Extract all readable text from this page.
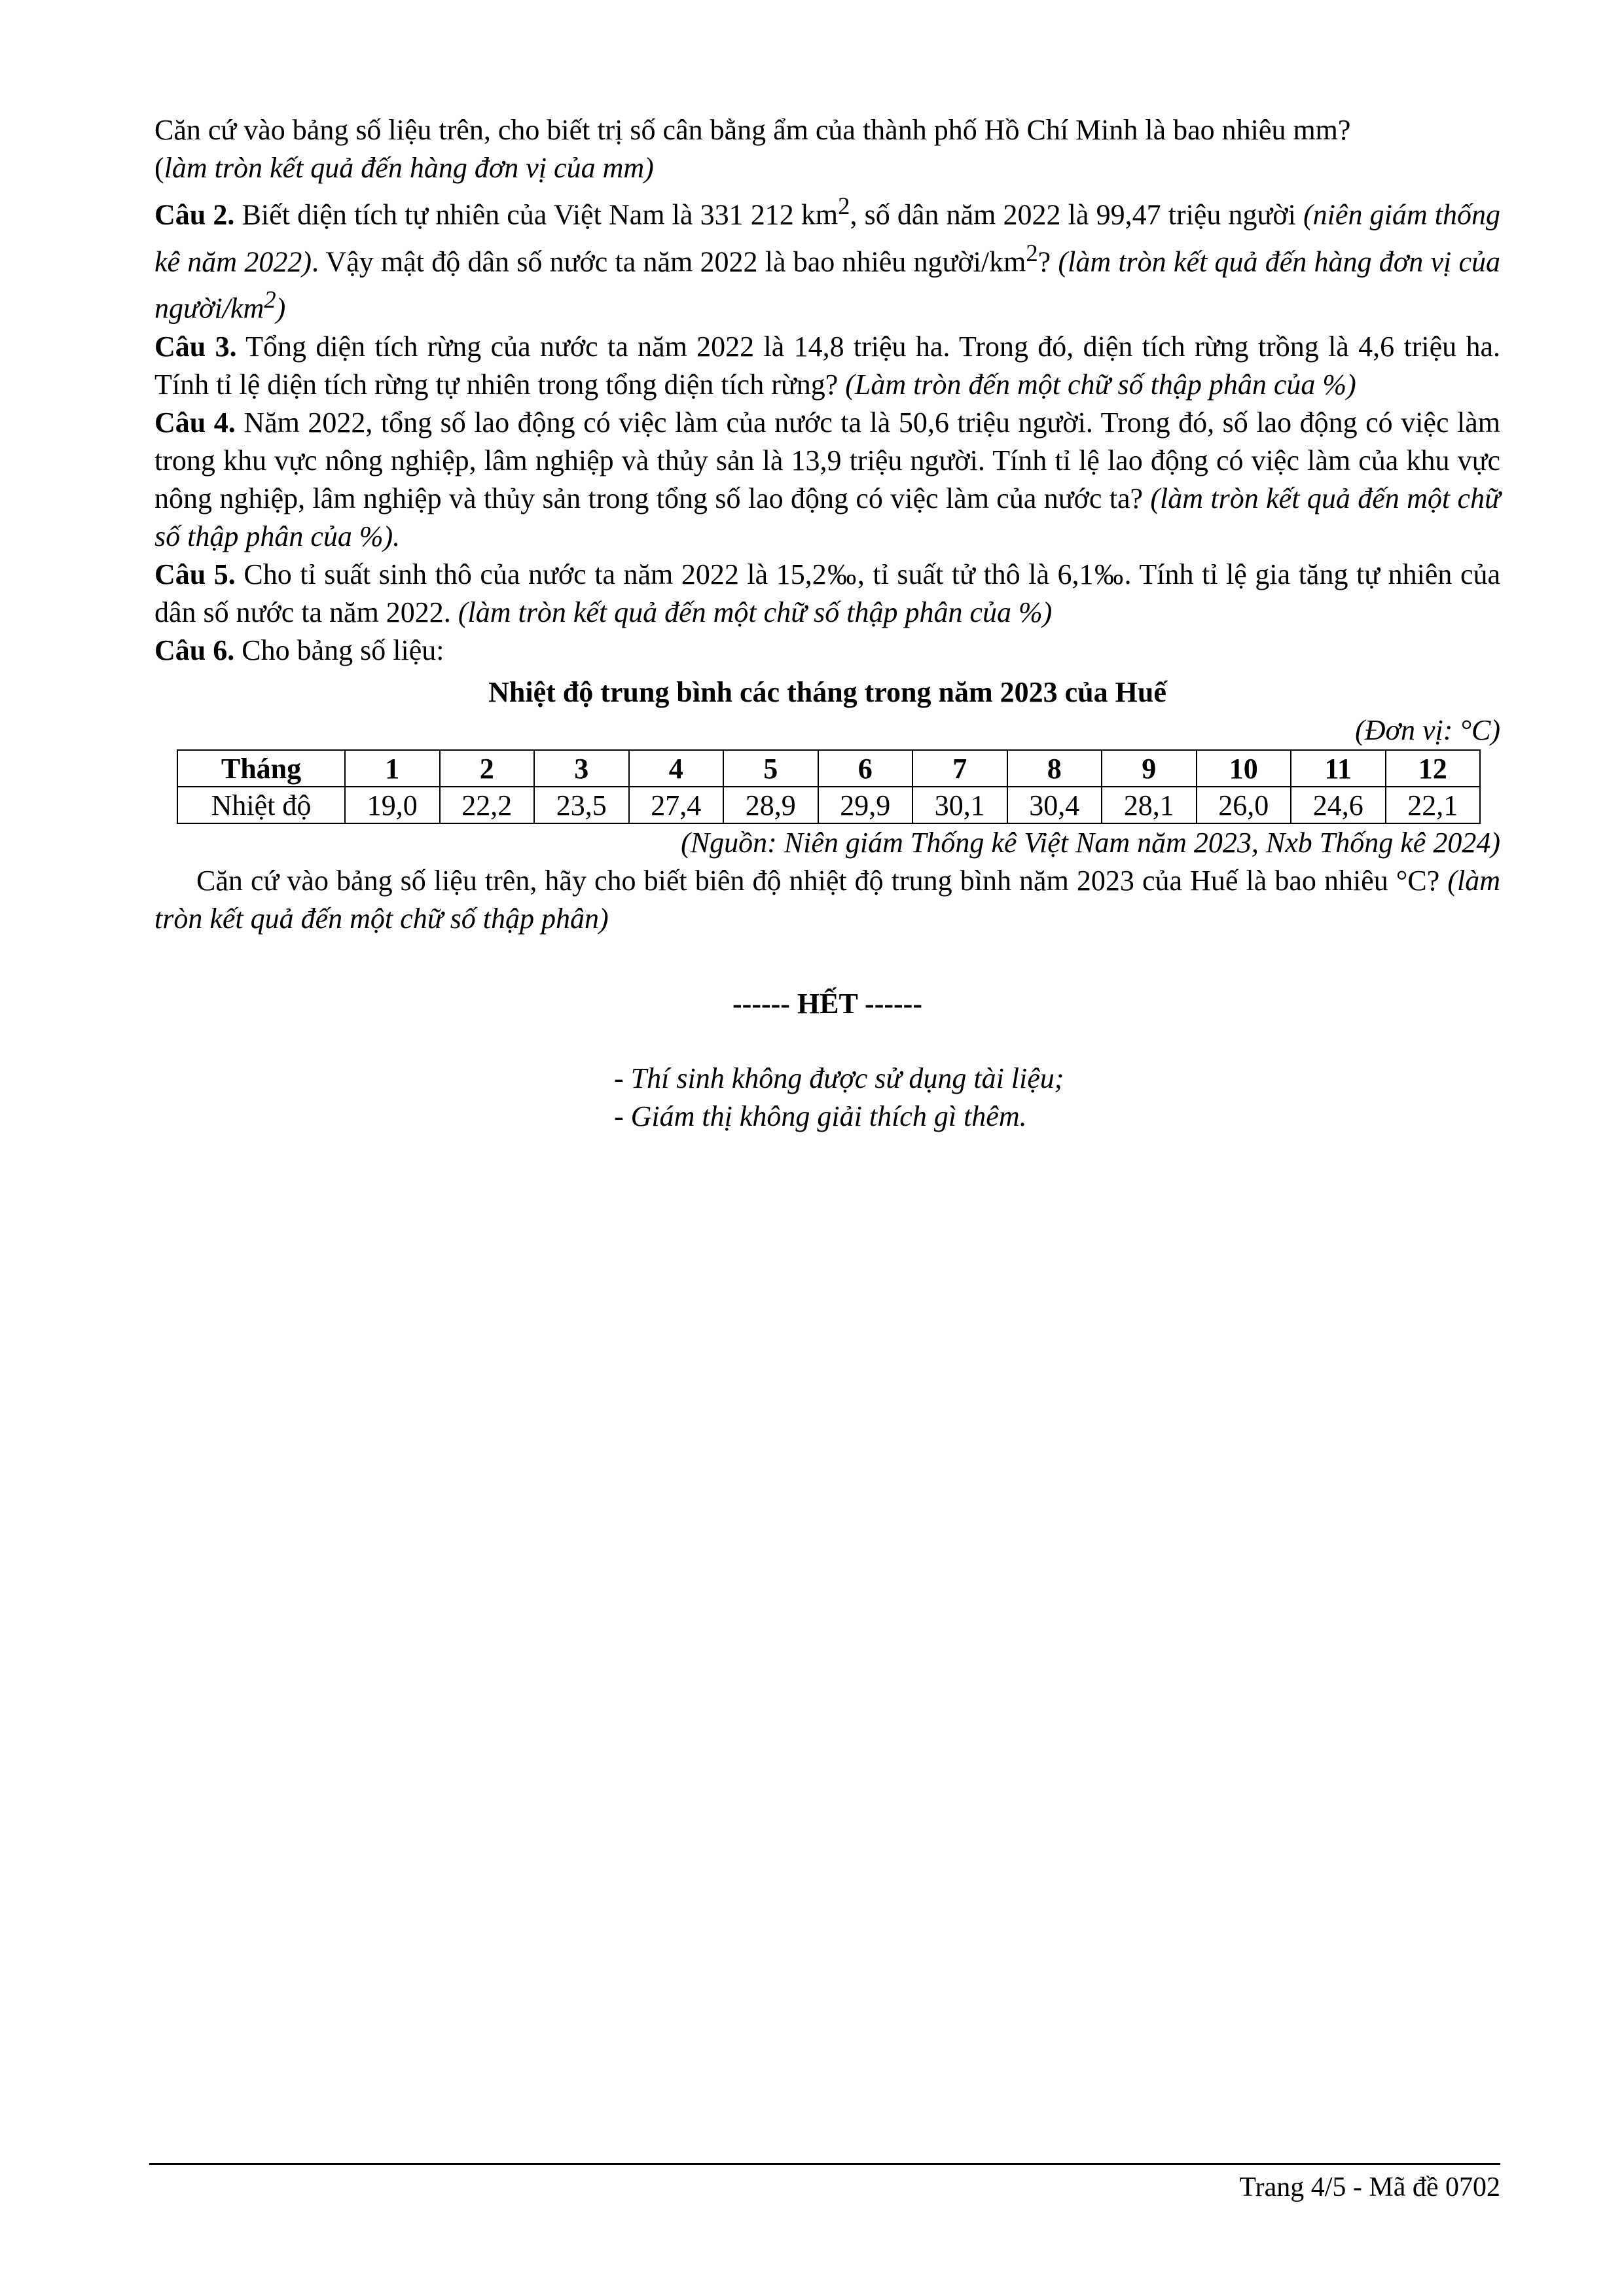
Căn cứ vào bảng số liệu trên, cho biết trị số cân bằng ẩm của thành phố Hồ Chí Minh là bao nhiêu mm?
(làm tròn kết quả đến hàng đơn vị của mm)

Câu 2. Biết diện tích tự nhiên của Việt Nam là 331 212 $km^2$, số dân năm 2022 là 99,47 triệu người (niên giám thống kê năm 2022). Vậy mật độ dân số nước ta năm 2022 là bao nhiêu người/$km^2$? (làm tròn kết quả đến hàng đơn vị của người/$km^2$)

Câu 3. Tổng diện tích rừng của nước ta năm 2022 là 14,8 triệu ha. Trong đó, diện tích rừng trồng là 4,6 triệu ha. Tính tỉ lệ diện tích rừng tự nhiên trong tổng diện tích rừng? (Làm tròn đến một chữ số thập phân của %)

Câu 4. Năm 2022, tổng số lao động có việc làm của nước ta là 50,6 triệu người. Trong đó, số lao động có việc làm trong khu vực nông nghiệp, lâm nghiệp và thủy sản là 13,9 triệu người. Tính tỉ lệ lao động có việc làm của khu vực nông nghiệp, lâm nghiệp và thủy sản trong tổng số lao động có việc làm của nước ta? (làm tròn kết quả đến một chữ số thập phân của %).

Câu 5. Cho tỉ suất sinh thô của nước ta năm 2022 là 15,2‰, tỉ suất tử thô là 6,1‰. Tính tỉ lệ gia tăng tự nhiên của dân số nước ta năm 2022. (làm tròn kết quả đến một chữ số thập phân của %)

Câu 6. Cho bảng số liệu:

Nhiệt độ trung bình các tháng trong năm 2023 của Huế

(Đơn vị: °C)

Tháng	1	2	3	4	5	6	7	8	9	10	11	12
Nhiệt độ	19,0	22,2	23,5	27,4	28,9	29,9	30,1	30,4	28,1	26,0	24,6	22,1

(Nguồn: Niên giám Thống kê Việt Nam năm 2023, Nxb Thống kê 2024)

Căn cứ vào bảng số liệu trên, hãy cho biết biên độ nhiệt độ trung bình năm 2023 của Huế là bao nhiêu °C? (làm tròn kết quả đến một chữ số thập phân)

------ HẾT ------

- Thí sinh không được sử dụng tài liệu;
- Giám thị không giải thích gì thêm.
Trang 4/5 - Mã đề 0702
